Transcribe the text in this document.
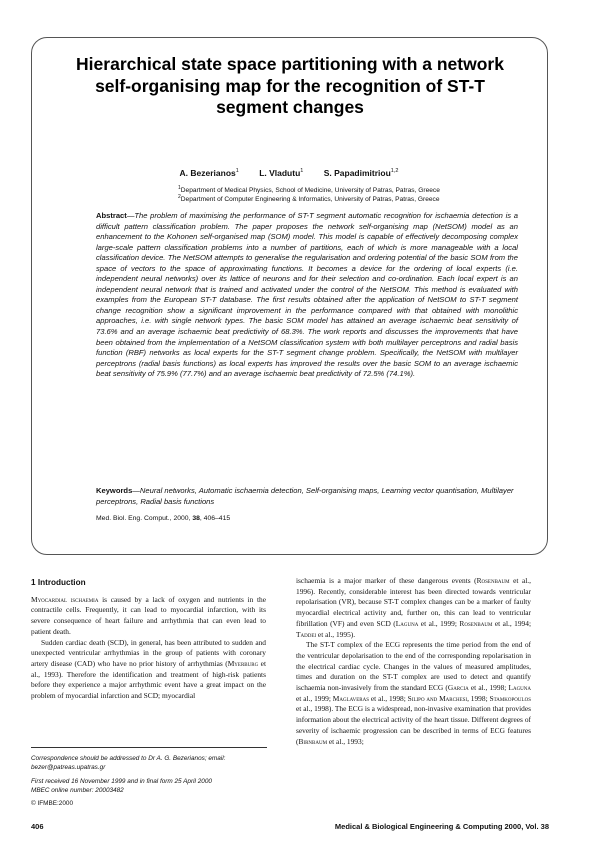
Hierarchical state space partitioning with a network self-organising map for the recognition of ST-T segment changes
A. Bezerianos$^1$ L. Vladutu$^1$ S. Papadimitriou$^{1,2}$
$^1$Department of Medical Physics, School of Medicine, University of Patras, Patras, Greece
$^2$Department of Computer Engineering & Informatics, University of Patras, Patras, Greece

Abstract—The problem of maximising the performance of ST-T segment automatic recognition for ischaemia detection is a difficult pattern classification problem. The paper proposes the network self-organising map (NetSOM) model as an enhancement to the Kohonen self-organised map (SOM) model. This model is capable of effectively decomposing complex large-scale pattern classification problems into a number of partitions, each of which is more manageable with a local classification device. The NetSOM attempts to generalise the regularisation and ordering potential of the basic SOM from the space of vectors to the space of approximating functions. It becomes a device for the ordering of local experts (i.e. independent neural networks) over its lattice of neurons and for their selection and co-ordination. Each local expert is an independent neural network that is trained and activated under the control of the NetSOM. This method is evaluated with examples from the European ST-T database. The first results obtained after the application of NetSOM to ST-T segment change recognition show a significant improvement in the performance compared with that obtained with monolithic approaches, i.e. with single network types. The basic SOM model has attained an average ischaemic beat sensitivity of 73.6% and an average ischaemic beat predictivity of 68.3%. The work reports and discusses the improvements that have been obtained from the implementation of a NetSOM classification system with both multilayer perceptrons and radial basis function (RBF) networks as local experts for the ST-T segment change problem. Specifically, the NetSOM with multilayer perceptrons (radial basis functions) as local experts has improved the results over the basic SOM to an average ischaemic beat sensitivity of 75.9% (77.7%) and an average ischaemic beat predictivity of 72.5% (74.1%).

Keywords—Neural networks, Automatic ischaemia detection, Self-organising maps, Learning vector quantisation, Multilayer perceptrons, Radial basis functions

Med. Biol. Eng. Comput., 2000, 38, 406–415
1 Introduction

Myocardial ischaemia is caused by a lack of oxygen and nutrients in the contractile cells. Frequently, it can lead to myocardial infarction, with its severe consequence of heart failure and arrhythmia that can even lead to patient death.

Sudden cardiac death (SCD), in general, has been attributed to sudden and unexpected ventricular arrhythmias in the group of patients with coronary artery disease (CAD) who have no prior history of arrhythmias (Myerburg et al., 1993). Therefore the identification and treatment of high-risk patients before they experience a major arrhythmic event have a great impact on the problem of myocardial infarction and SCD; myocardial

ischaemia is a major marker of these dangerous events (Rosenbaum et al., 1996). Recently, considerable interest has been directed towards ventricular repolarisation (VR), because ST-T complex changes can be a marker of faulty myocardial electrical activity and, further on, this can lead to ventricular fibrillation (VF) and even SCD (Laguna et al., 1999; Rosenbaum et al., 1994; Taddei et al., 1995).

The ST-T complex of the ECG represents the time period from the end of the ventricular depolarisation to the end of the corresponding repolarisation in the electrical cardiac cycle. Changes in the values of measured amplitudes, times and duration on the ST-T complex are used to detect and quantify ischaemia non-invasively from the standard ECG (Garcia et al., 1998; Laguna et al., 1999; Maglaveras et al., 1998; Silipo and Marchesi, 1998; Stamkopoulos et al., 1998). The ECG is a widespread, non-invasive examination that provides information about the electrical activity of the heart tissue. Different degrees of severity of ischaemic progression can be described in terms of ECG features (Birnbaum et al., 1993;

Correspondence should be addressed to Dr A. G. Bezerianos; email: bezer@patreas.upatras.gr
First received 16 November 1999 and in final form 25 April 2000
MBEC online number: 20003482
© IFMBE:2000
406	Medical & Biological Engineering & Computing 2000, Vol. 38
